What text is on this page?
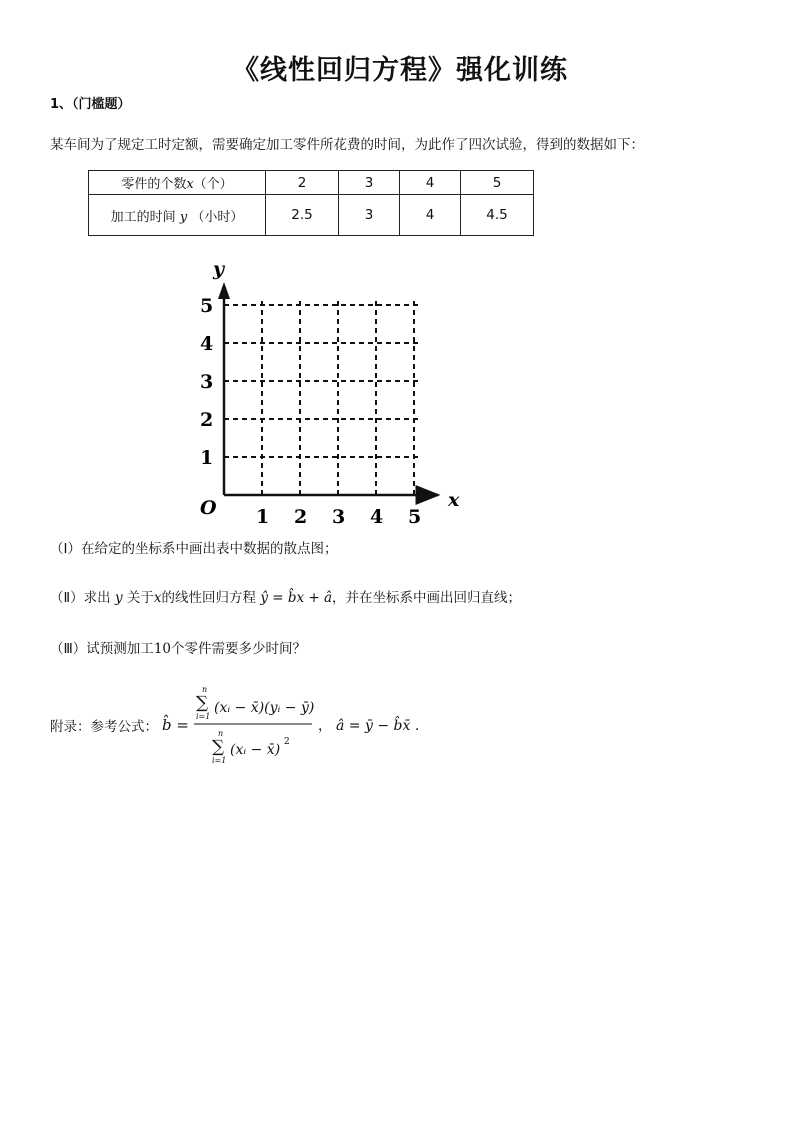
《线性回归方程》强化训练
1、（门槛题）
某车间为了规定工时定额，需要确定加工零件所花费的时间，为此作了四次试验，得到的数据如下：
零件的个数x（个）	2	3	4	5
加工的时间 y （小时）	2.5	3	4	4.5
1 2 3 4 5
1
2
3
4
5
y
x
O
（Ⅰ）在给定的坐标系中画出表中数据的散点图；
（Ⅱ）求出 y 关于x的线性回归方程 ŷ = b̂x + â，并在坐标系中画出回归直线；
（Ⅲ）试预测加工10个零件需要多少时间？
附录：参考公式： b̂ =
n
∑
i=1
(xᵢ − x̄)(yᵢ − ȳ)
n
∑
i=1
(xᵢ − x̄) 2
， â = ȳ − b̂x̄ .
